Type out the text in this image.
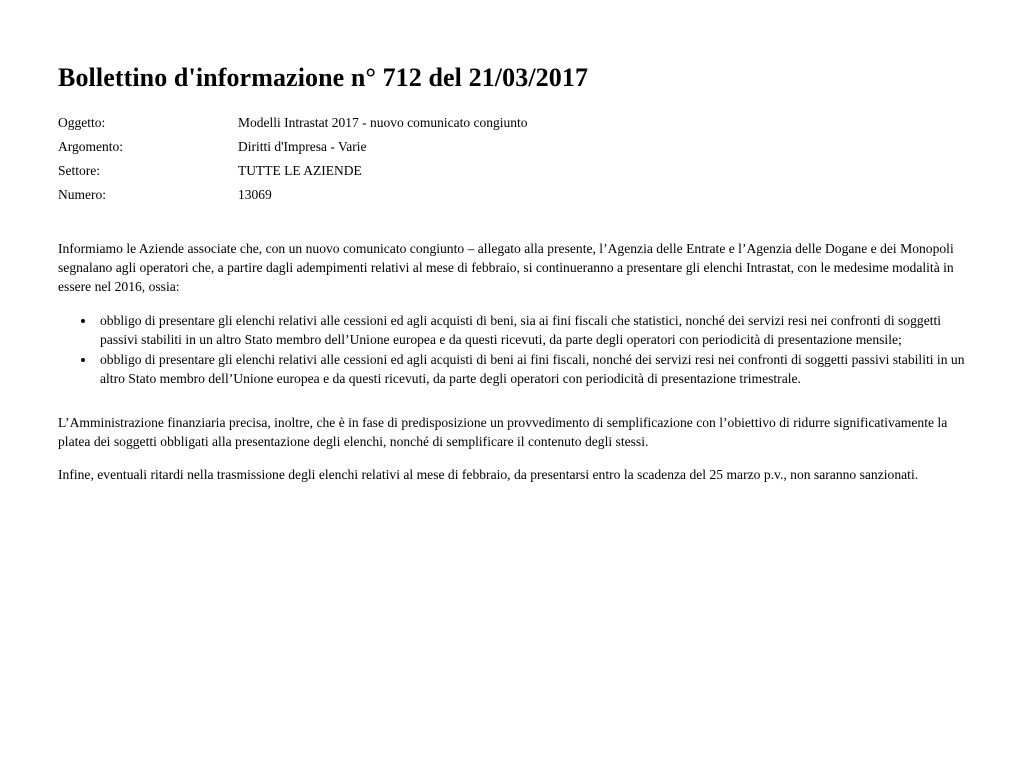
Bollettino d'informazione n° 712 del 21/03/2017
Oggetto:	Modelli Intrastat 2017 - nuovo comunicato congiunto
Argomento:	Diritti d'Impresa - Varie
Settore:	TUTTE LE AZIENDE
Numero:	13069

Informiamo le Aziende associate che, con un nuovo comunicato congiunto – allegato alla presente, l’Agenzia delle Entrate e l’Agenzia delle Dogane e dei Monopoli segnalano agli operatori che, a partire dagli adempimenti relativi al mese di febbraio, si continueranno a presentare gli elenchi Intrastat, con le medesime modalità in essere nel 2016, ossia:

• obbligo di presentare gli elenchi relativi alle cessioni ed agli acquisti di beni, sia ai fini fiscali che statistici, nonché dei servizi resi nei confronti di soggetti passivi stabiliti in un altro Stato membro dell’Unione europea e da questi ricevuti, da parte degli operatori con periodicità di presentazione mensile;
• obbligo di presentare gli elenchi relativi alle cessioni ed agli acquisti di beni ai fini fiscali, nonché dei servizi resi nei confronti di soggetti passivi stabiliti in un altro Stato membro dell’Unione europea e da questi ricevuti, da parte degli operatori con periodicità di presentazione trimestrale.

L’Amministrazione finanziaria precisa, inoltre, che è in fase di predisposizione un provvedimento di semplificazione con l’obiettivo di ridurre significativamente la platea dei soggetti obbligati alla presentazione degli elenchi, nonché di semplificare il contenuto degli stessi.

Infine, eventuali ritardi nella trasmissione degli elenchi relativi al mese di febbraio, da presentarsi entro la scadenza del 25 marzo p.v., non saranno sanzionati.
